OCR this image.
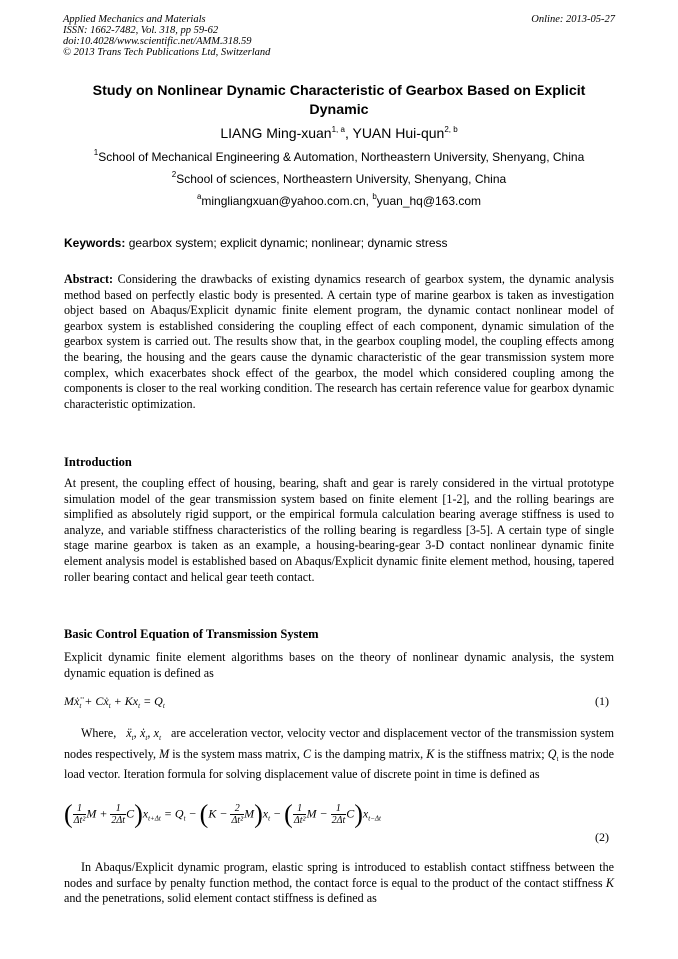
Applied Mechanics and Materials
ISSN: 1662-7482, Vol. 318, pp 59-62
doi:10.4028/www.scientific.net/AMM.318.59
© 2013 Trans Tech Publications Ltd, Switzerland
Online: 2013-05-27
Study on Nonlinear Dynamic Characteristic of Gearbox Based on Explicit
Dynamic
LIANG Ming-xuan$^{1, a}$, YUAN Hui-qun$^{2, b}$
$^1$School of Mechanical Engineering & Automation, Northeastern University, Shenyang, China
$^2$School of sciences, Northeastern University, Shenyang, China
$^a$mingliangxuan@yahoo.com.cn, $^b$yuan_hq@163.com
Keywords: gearbox system; explicit dynamic; nonlinear; dynamic stress
Abstract: Considering the drawbacks of existing dynamics research of gearbox system, the dynamic analysis method based on perfectly elastic body is presented. A certain type of marine gearbox is taken as investigation object based on Abaqus/Explicit dynamic finite element program, the dynamic contact nonlinear model of gearbox system is established considering the coupling effect of each component, dynamic simulation of the gearbox system is carried out. The results show that, in the gearbox coupling model, the coupling effects among the bearing, the housing and the gears cause the dynamic characteristic of the gear transmission system more complex, which exacerbates shock effect of the gearbox, the model which considered coupling among the components is closer to the real working condition. The research has certain reference value for gearbox dynamic characteristic optimization.
Introduction
At present, the coupling effect of housing, bearing, shaft and gear is rarely considered in the virtual prototype simulation model of the gear transmission system based on finite element [1-2], and the rolling bearings are simplified as absolutely rigid support, or the empirical formula calculation bearing average stiffness is used to analyze, and variable stiffness characteristics of the rolling bearing is regardless [3-5]. A certain type of single stage marine gearbox is taken as an example, a housing-bearing-gear 3-D contact nonlinear dynamic finite element analysis model is established based on Abaqus/Explicit dynamic finite element method, housing, tapered roller bearing contact and helical gear teeth contact.
Basic Control Equation of Transmission System
Explicit dynamic finite element algorithms bases on the theory of nonlinear dynamic analysis, the system dynamic equation is defined as
$Mẋ̈_t$ + Cẋ$_t$ + $Kx_t = Q_t$	(1)
Where, $ẍ_t$, $ẋ_t$, $x_t$ are acceleration vector, velocity vector and displacement vector of the transmission system nodes respectively, M is the system mass matrix, C is the damping matrix, K is the stiffness matrix; $Q_t$ is the node load vector. Iteration formula for solving displacement value of discrete point in time is defined as
( $\frac{1}{\text{Δt²}}$ $M + \frac{1}{2\Delta t} C)x_{t+\Delta t} = Q_t - (K - \frac{2}{\text{Δt²}} M)x_t$ − ( $\frac{1}{\text{Δt²}}$ $M - \frac{1}{2\Delta t} C)x_{t-\Delta t}$
(2)
In Abaqus/Explicit dynamic program, elastic spring is introduced to establish contact stiffness between the nodes and surface by penalty function method, the contact force is equal to the product of the contact stiffness K and the penetrations, solid element contact stiffness is defined as
